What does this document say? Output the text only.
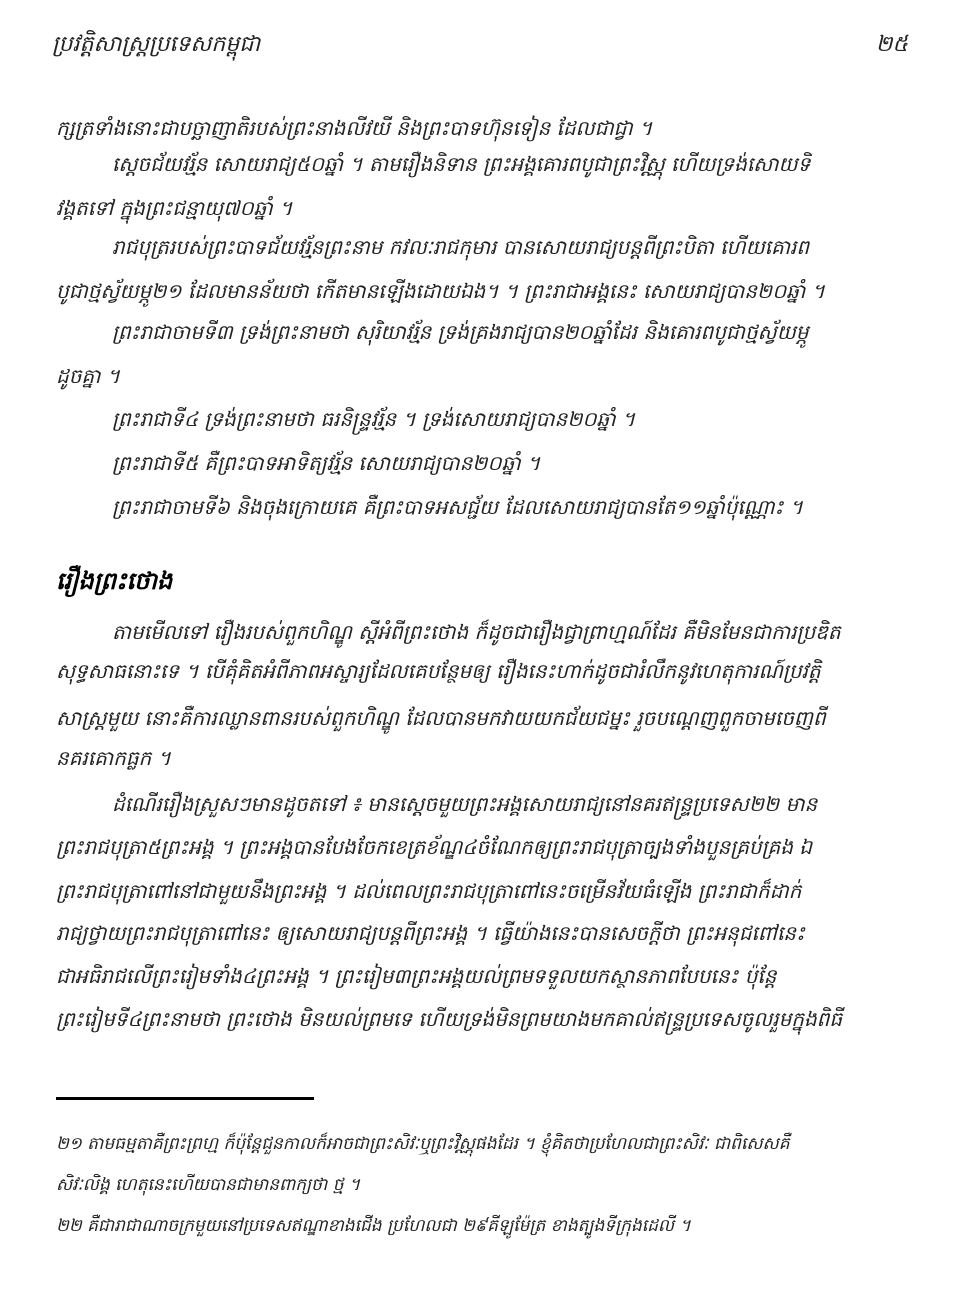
ប្រវត្តិសាស្ត្រប្រទេសកម្ពុជា	២៥
ក្សត្រទាំងនោះជាបច្ឆាញាតិរបស់ព្រះនាងលីវយី និងព្រះបាទហ៊ុនទៀន ដែលជាជ្វា ។
ស្តេចជ័យវរ្ម័ន សោយរាជ្យ៥០ឆ្នាំ ។ តាមរឿងនិទាន ព្រះអង្គគោរពបូជាព្រះវិស្ណុ ហើយទ្រង់សោយទិ
វង្គតទៅ ក្នុងព្រះជន្មាយុ៧០ឆ្នាំ ។
រាជបុត្ររបស់ព្រះបាទជ័យវរ្ម័នព្រះនាម កវលៈរាជកុមារ បានសោយរាជ្យបន្តពីព្រះបិតា ហើយគោរព
បូជាថ្មស្វ័យម្ភូ២១ ដែលមានន័យថា កើតមានឡើងដោយឯង។ ។ ព្រះរាជាអង្គនេះ សោយរាជ្យបាន២០ឆ្នាំ ។
ព្រះរាជាចាមទី៣ ទ្រង់ព្រះនាមថា សុរិយាវរ្ម័ន ទ្រង់គ្រងរាជ្យបាន២០ឆ្នាំដែរ និងគោរពបូជាថ្មស្វ័យម្ភូ
ដូចគ្នា ។
ព្រះរាជាទី៤ ទ្រង់ព្រះនាមថា ធរនិន្ទ្រវរ្ម័ន ។ ទ្រង់សោយរាជ្យបាន២០ឆ្នាំ ។
ព្រះរាជាទី៥ គឺព្រះបាទអាទិត្យវរ្ម័ន សោយរាជ្យបាន២០ឆ្នាំ ។
ព្រះរាជាចាមទី៦ និងចុងក្រោយគេ គឺព្រះបាទអសជ្ជ័យ ដែលសោយរាជ្យបានតែ១១ឆ្នាំប៉ុណ្ណោះ ។
រឿងព្រះថោង
តាមមើលទៅ រឿងរបស់ពួកហិណ្ឌូ ស្តីអំពីព្រះថោង ក៏ដូចជារឿងជ្វាព្រាហ្មណ៍ដែរ គឺមិនមែនជាការប្រឌិត
សុទ្ធសាធនោះទេ ។ បើគុំគិតអំពីភាពអស្ចារ្យដែលគេបន្ថែមឲ្យ រឿងនេះហាក់ដូចជារំលឹកនូវហេតុការណ៍ប្រវត្តិ
សាស្ត្រមួយ នោះគឺការឈ្លានពានរបស់ពួកហិណ្ឌូ ដែលបានមកវាយយកជ័យជម្នះ រួចបណ្តេញពួកចាមចេញពី
នគរគោកធ្លក ។
ដំណើររឿងស្រួសៗមានដូចតទៅ ៖ មានស្តេចមួយព្រះអង្គសោយរាជ្យនៅនគរឥន្ទ្រប្រទេស២២ មាន
ព្រះរាជបុត្រា៥ព្រះអង្គ ។ ព្រះអង្គបានបែងចែកខេត្រខ័ណ្ឌ៤ចំណែកឲ្យព្រះរាជបុត្រាច្បងទាំងបួនគ្រប់គ្រង ឯ
ព្រះរាជបុត្រាពៅនៅជាមួយនឹងព្រះអង្គ ។ ដល់ពេលព្រះរាជបុត្រាពៅនេះចម្រើនវ័យធំឡើង ព្រះរាជាក៏ដាក់
រាជ្យថ្វាយព្រះរាជបុត្រាពៅនេះ ឲ្យសោយរាជ្យបន្តពីព្រះអង្គ ។ ធ្វើយ៉ាងនេះបានសេចក្តីថា ព្រះអនុជពៅនេះ
ជាអធិរាជលើព្រះរៀមទាំង៤ព្រះអង្គ ។ ព្រះរៀម៣ព្រះអង្គយល់ព្រមទទួលយកស្ថានភាពបែបនេះ ប៉ុន្តែ
ព្រះរៀមទី៤ព្រះនាមថា ព្រះថោង មិនយល់ព្រមទេ ហើយទ្រង់មិនព្រមយាងមកគាល់ឥន្ទ្រប្រទេសចូលរួមក្នុងពិធី
២១ តាមធម្មតាគឺព្រះព្រហ្ម ក៏ប៉ុន្តែជួនកាលក៏អាចជាព្រះសិវៈឬព្រះវិស្ណុផងដែរ ។ ខ្ញុំគិតថាប្រហែលជាព្រះសិវៈ ជាពិសេសគឺ
សិវៈលិង្គ ហេតុនេះហើយបានជាមានពាក្យថា ថ្ម ។
២២ គឺជារាជាណាចក្រមួយនៅប្រទេសឥណ្ឌាខាងជើង ប្រហែលជា ២៩គីឡូម៉ែត្រ ខាងត្បូងទីក្រុងដេលី ។
